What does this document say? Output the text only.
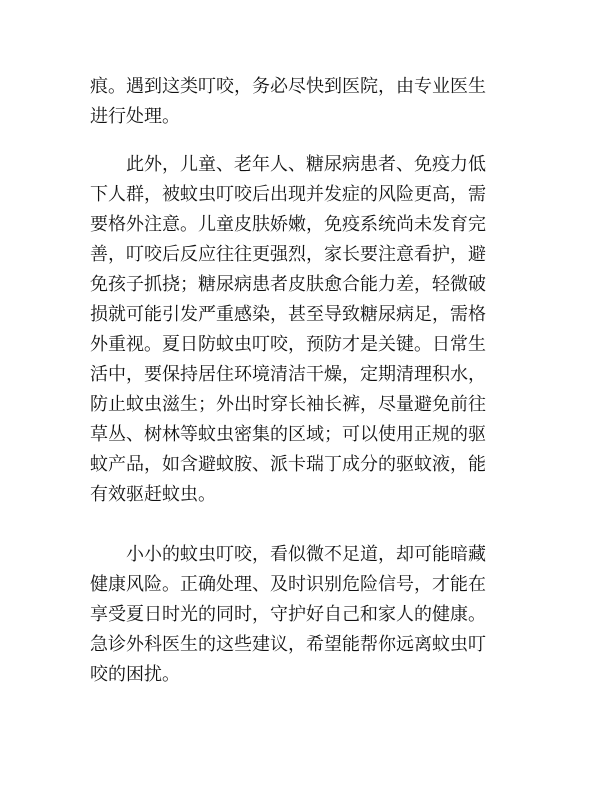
痕。遇到这类叮咬，务必尽快到医院，由专业医生
进行处理。

此外，儿童、老年人、糖尿病患者、免疫力低
下人群，被蚊虫叮咬后出现并发症的风险更高，需
要格外注意。儿童皮肤娇嫩，免疫系统尚未发育完
善，叮咬后反应往往更强烈，家长要注意看护，避
免孩子抓挠；糖尿病患者皮肤愈合能力差，轻微破
损就可能引发严重感染，甚至导致糖尿病足，需格
外重视。夏日防蚊虫叮咬，预防才是关键。日常生
活中，要保持居住环境清洁干燥，定期清理积水，
防止蚊虫滋生；外出时穿长袖长裤，尽量避免前往
草丛、树林等蚊虫密集的区域；可以使用正规的驱
蚊产品，如含避蚊胺、派卡瑞丁成分的驱蚊液，能
有效驱赶蚊虫。

小小的蚊虫叮咬，看似微不足道，却可能暗藏
健康风险。正确处理、及时识别危险信号，才能在
享受夏日时光的同时，守护好自己和家人的健康。
急诊外科医生的这些建议，希望能帮你远离蚊虫叮
咬的困扰。
